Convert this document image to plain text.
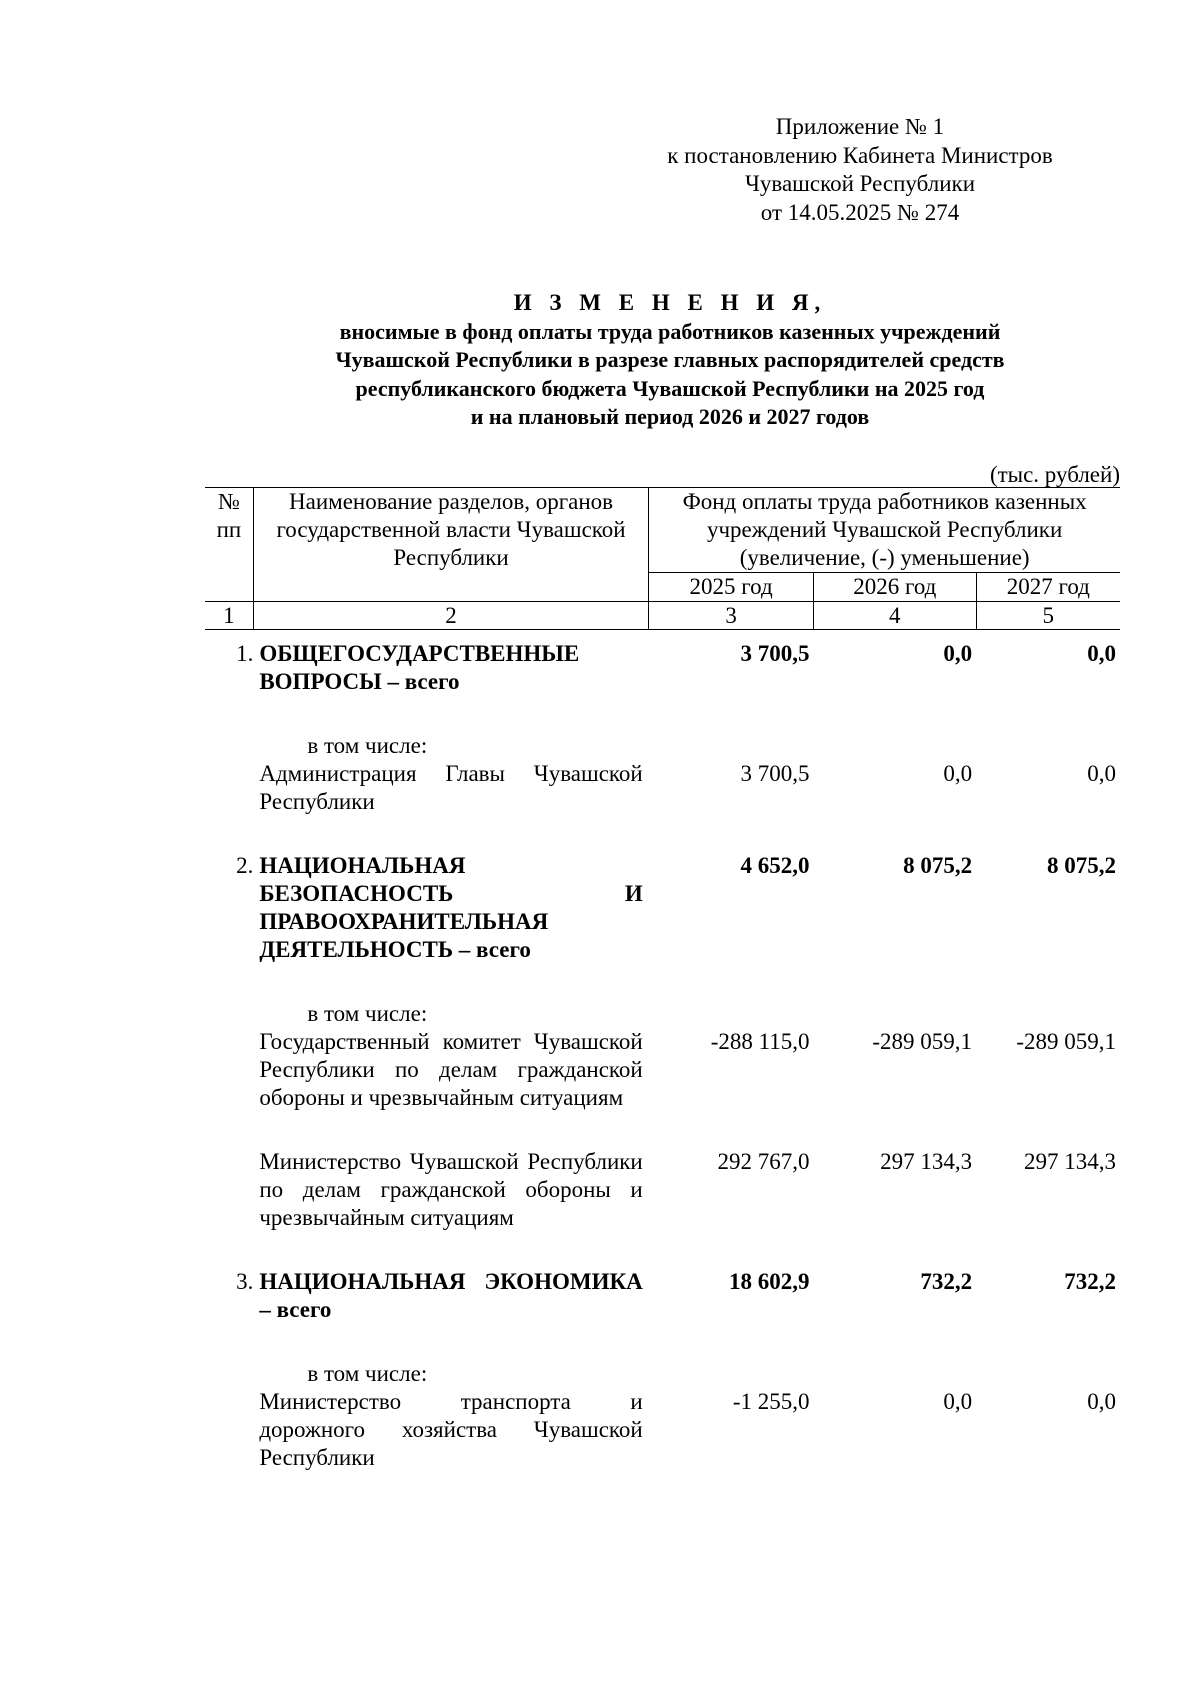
Приложение № 1
к постановлению Кабинета Министров
Чувашской Республики
от 14.05.2025 № 274
И З М Е Н Е Н И Я,
вносимые в фонд оплаты труда работников казенных учреждений
Чувашской Республики в разрезе главных распорядителей средств
республиканского бюджета Чувашской Республики на 2025 год
и на плановый период 2026 и 2027 годов
(тыс. рублей)
№ пп	Наименование разделов, органов государственной власти Чувашской Республики	Фонд оплаты труда работников казенных учреждений Чувашской Республики (увеличение, (-) уменьшение)		
		2025 год	2026 год	2027 год
1	2	3	4	5

1.	ОБЩЕГОСУДАРСТВЕННЫЕ ВОПРОСЫ – всего	3 700,5	0,0	0,0

	в том числе:			
	Администрация Главы Чувашской Республики	3 700,5	0,0	0,0

2.	НАЦИОНАЛЬНАЯ БЕЗОПАСНОСТЬ И ПРАВООХРАНИТЕЛЬНАЯ ДЕЯТЕЛЬНОСТЬ – всего	4 652,0	8 075,2	8 075,2

	в том числе:			
	Государственный комитет Чувашской Республики по делам гражданской обороны и чрезвычайным ситуациям	-288 115,0	-289 059,1	-289 059,1

	Министерство Чувашской Республики по делам гражданской обороны и чрезвычайным ситуациям	292 767,0	297 134,3	297 134,3

3.	НАЦИОНАЛЬНАЯ ЭКОНОМИКА – всего	18 602,9	732,2	732,2

	в том числе:			
	Министерство транспорта и дорожного хозяйства Чувашской Республики	-1 255,0	0,0	0,0
